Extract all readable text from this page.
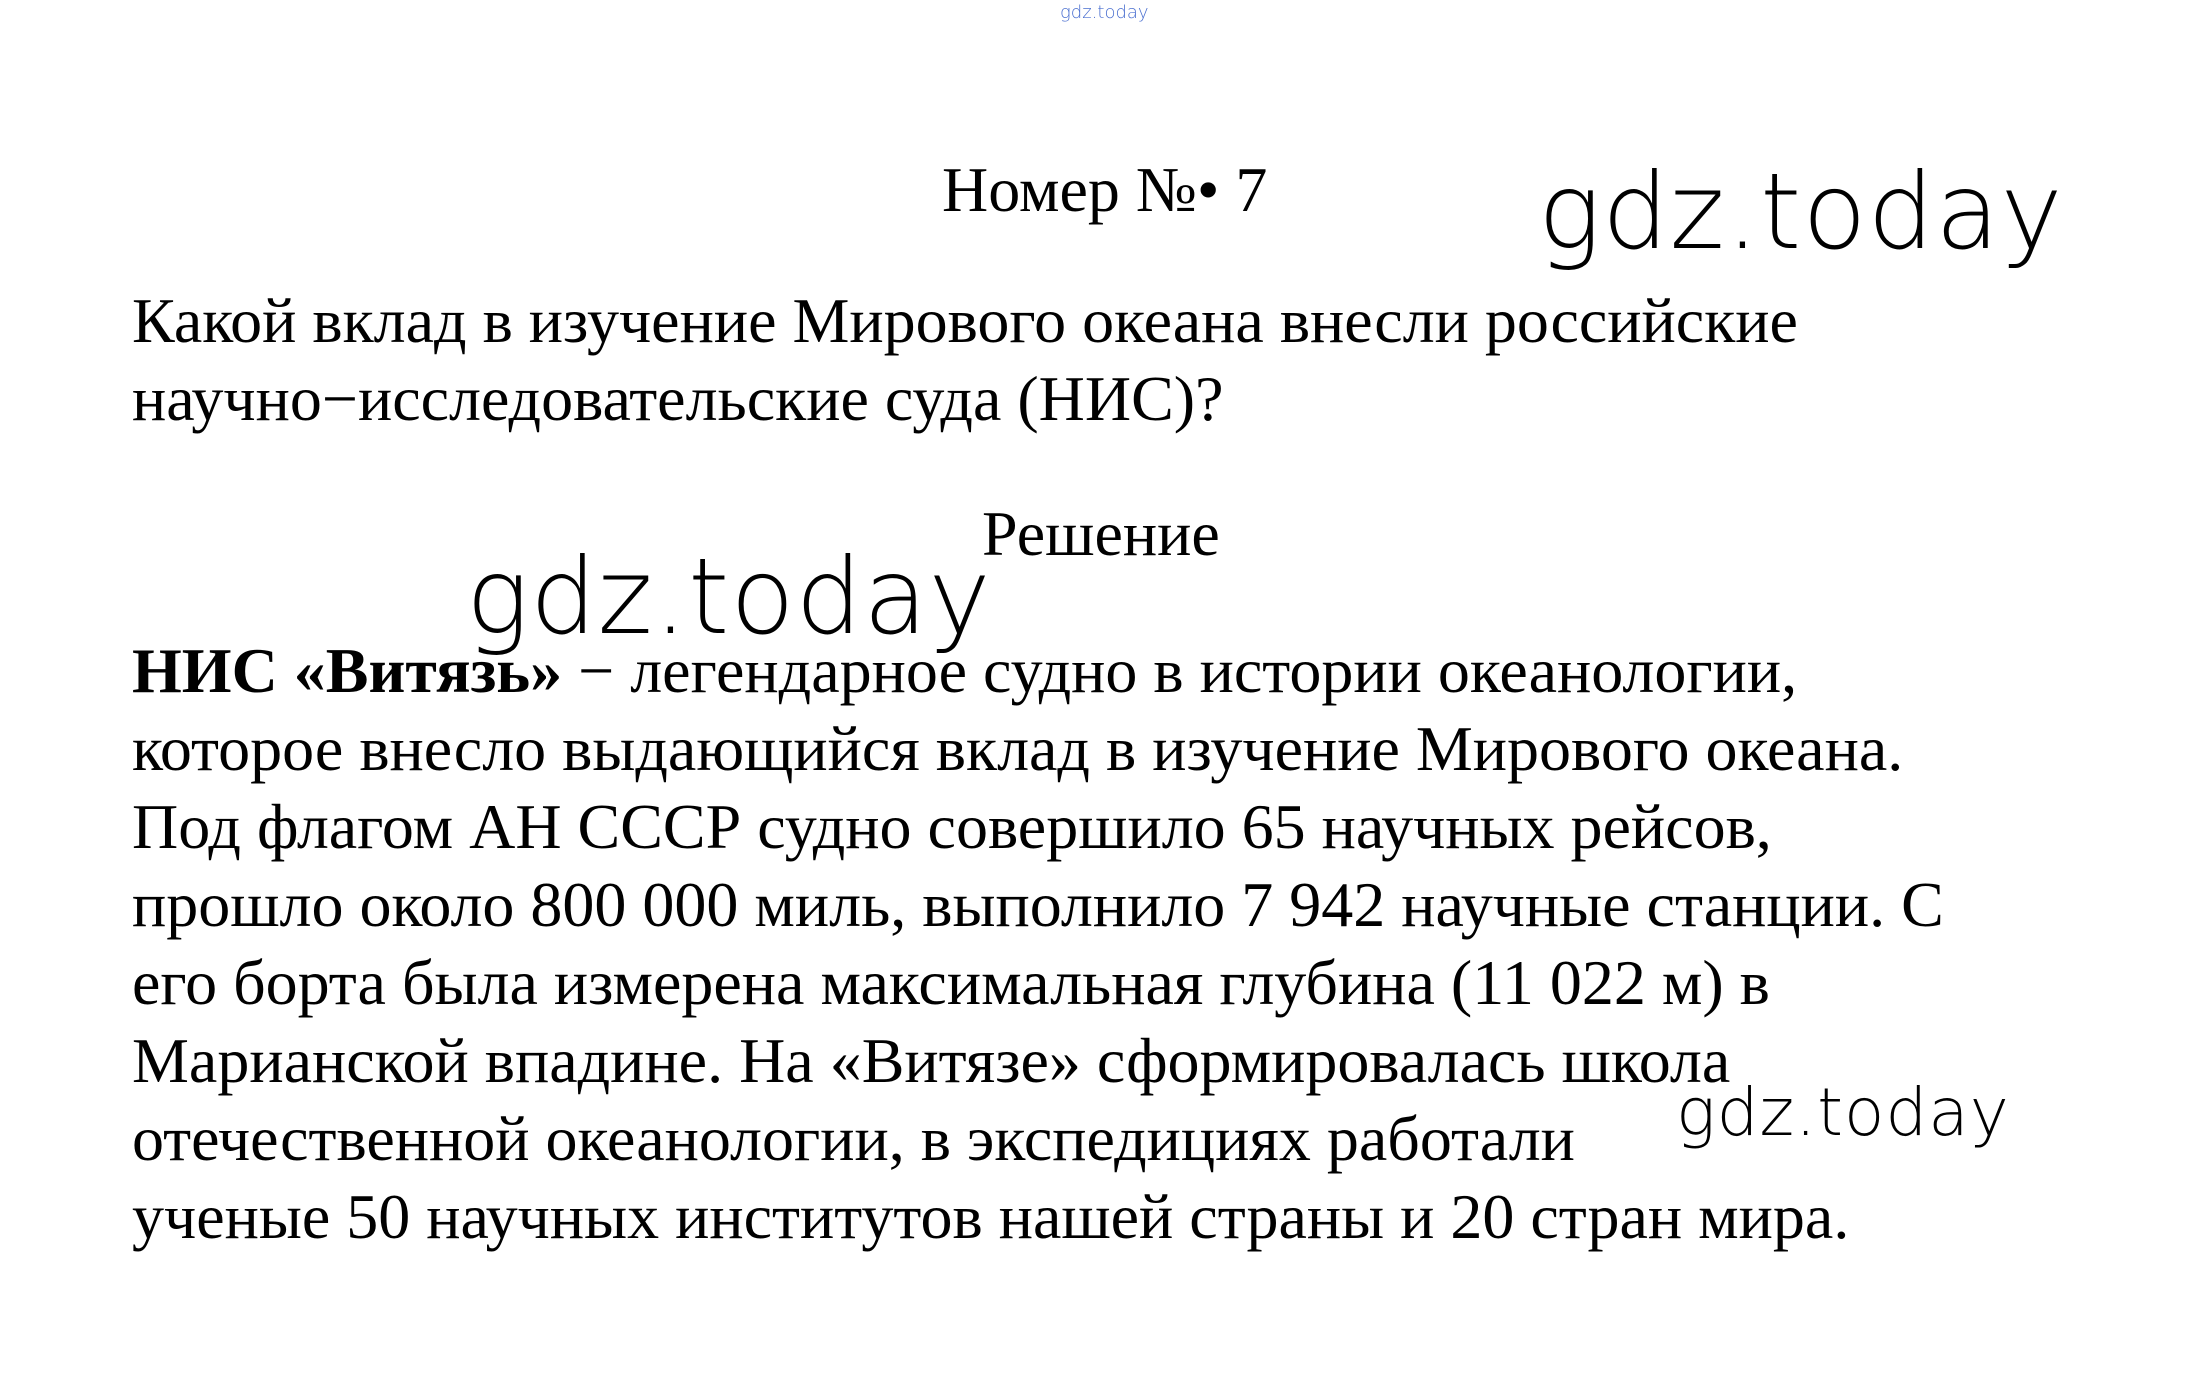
gdz.today
Номер №• 7	gdz.today
Какой вклад в изучение Мирового океана внесли российские
научно−исследовательские суда (НИС)?
Решение
gdz.today
НИС «Витязь» − легендарное судно в истории океанологии,
которое внесло выдающийся вклад в изучение Мирового океана.
Под флагом АН СССР судно совершило 65 научных рейсов,
прошло около 800 000 миль, выполнило 7 942 научные станции. С
его борта была измерена максимальная глубина (11 022 м) в
Марианской впадине. На «Витязе» сформировалась школа
отечественной океанологии, в экспедициях работали
ученые 50 научных институтов нашей страны и 20 стран мира.
gdz.today
